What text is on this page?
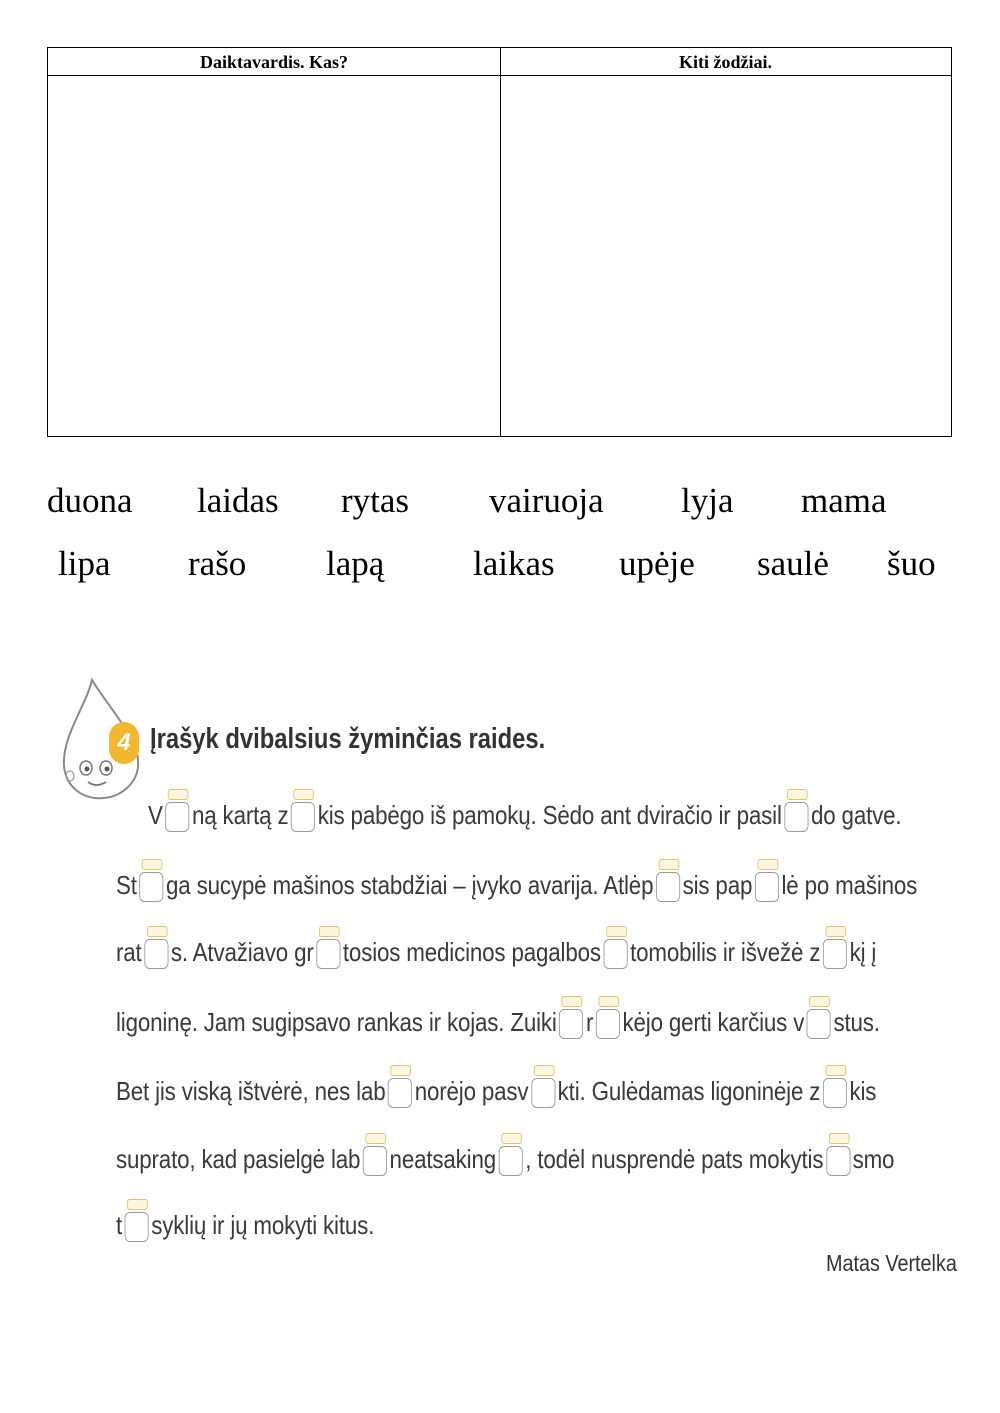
Daiktavardis. Kas?	Kiti žodžiai.
duona laidas rytas vairuoja lyja mama
lipa rašo lapą	laikas upėje saulė šuo
4 Įrašyk dvibalsius žyminčias raides.
V ną kartą z kis pabėgo iš pamokų. Sėdo ant dviračio ir pasil do gatve.
St ga sucypė mašinos stabdžiai – įvyko avarija. Atlėp sis pap lė po mašinos
rat s. Atvažiavo gr tosios medicinos pagalbos tomobilis ir išvežė z kį į
ligoninę. Jam sugipsavo rankas ir kojas. Zuiki r kėjo gerti karčius v stus.
Bet jis viską ištvėrė, nes lab norėjo pasv kti. Gulėdamas ligoninėje z kis
suprato, kad pasielgė lab neatsaking , todėl nusprendė pats mokytis smo
t syklių ir jų mokyti kitus.
Matas Vertelka
